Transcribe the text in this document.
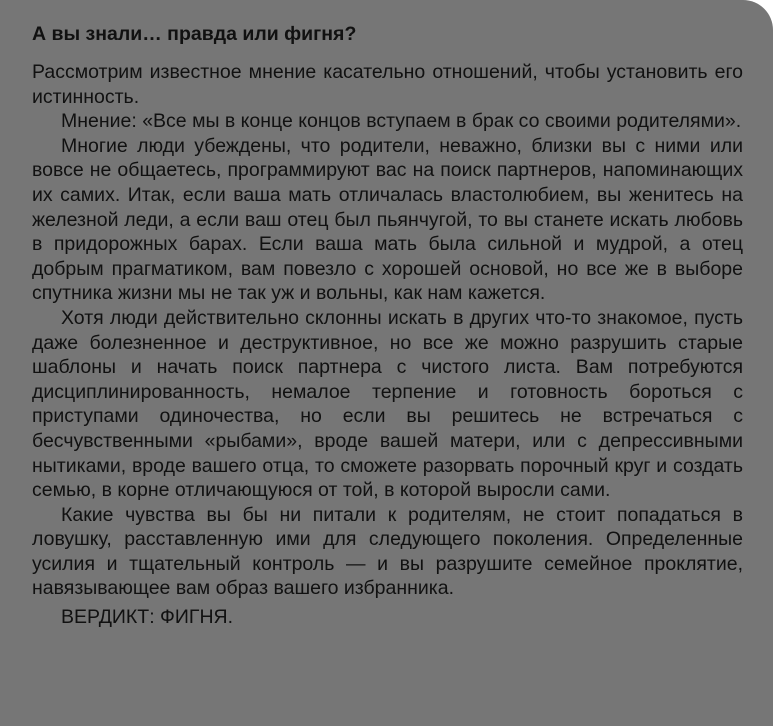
А вы знали… правда или фигня?

Рассмотрим известное мнение касательно отношений, чтобы установить его истинность.

Мнение: «Все мы в конце концов вступаем в брак со своими родителями».

Многие люди убеждены, что родители, неважно, близки вы с ними или вовсе не общаетесь, программируют вас на поиск партнеров, напоминающих их самих. Итак, если ваша мать отличалась властолюбием, вы женитесь на железной леди, а если ваш отец был пьянчугой, то вы станете искать любовь в придорожных барах. Если ваша мать была сильной и мудрой, а отец добрым прагматиком, вам повезло с хорошей основой, но все же в выборе спутника жизни мы не так уж и вольны, как нам кажется.

Хотя люди действительно склонны искать в других что-то знакомое, пусть даже болезненное и деструктивное, но все же можно разрушить старые шаблоны и начать поиск партнера с чистого листа. Вам потребуются дисциплинированность, немалое терпение и готовность бороться с приступами одиночества, но если вы решитесь не встречаться с бесчувственными «рыбами», вроде вашей матери, или с депрессивными нытиками, вроде вашего отца, то сможете разорвать порочный круг и создать семью, в корне отличающуюся от той, в которой выросли сами.

Какие чувства вы бы ни питали к родителям, не стоит попадаться в ловушку, расставленную ими для следующего поколения. Определенные усилия и тщательный контроль — и вы разрушите семейное проклятие, навязывающее вам образ вашего избранника.

ВЕРДИКТ: ФИГНЯ.
